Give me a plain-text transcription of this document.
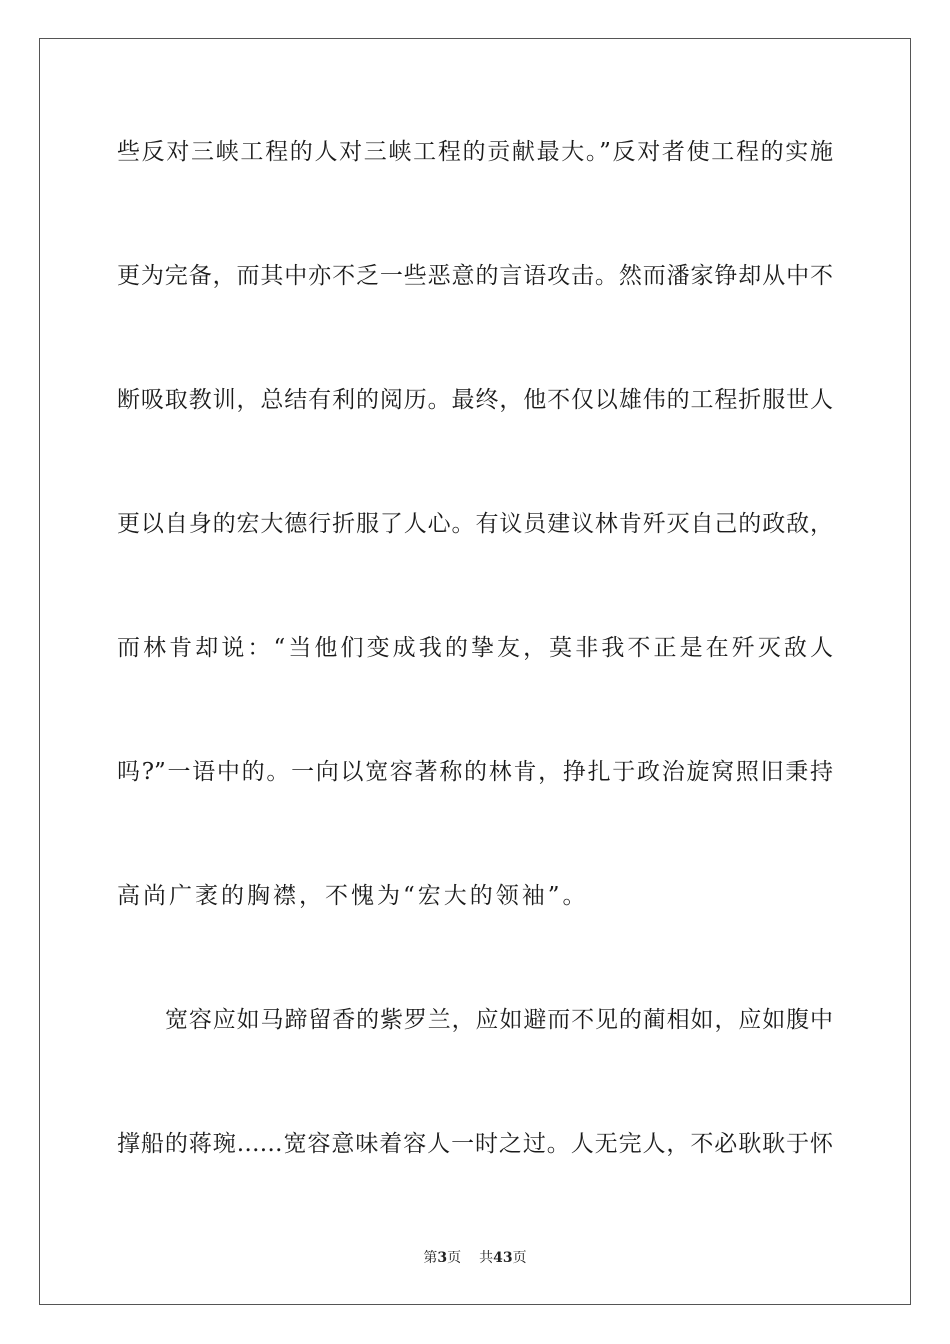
些反对三峡工程的人对三峡工程的贡献最大。”反对者使工程的实施
更为完备，而其中亦不乏一些恶意的言语攻击。然而潘家铮却从中不
断吸取教训，总结有利的阅历。最终，他不仅以雄伟的工程折服世人
更以自身的宏大德行折服了人心。有议员建议林肯歼灭自己的政敌，
而林肯却说：“当他们变成我的挚友，莫非我不正是在歼灭敌人
吗?”一语中的。一向以宽容著称的林肯，挣扎于政治旋窝照旧秉持
高尚广袤的胸襟，不愧为“宏大的领袖”。
宽容应如马蹄留香的紫罗兰，应如避而不见的蔺相如，应如腹中
撑船的蒋琬……宽容意味着容人一时之过。人无完人，不必耿耿于怀
第3页 共43页
